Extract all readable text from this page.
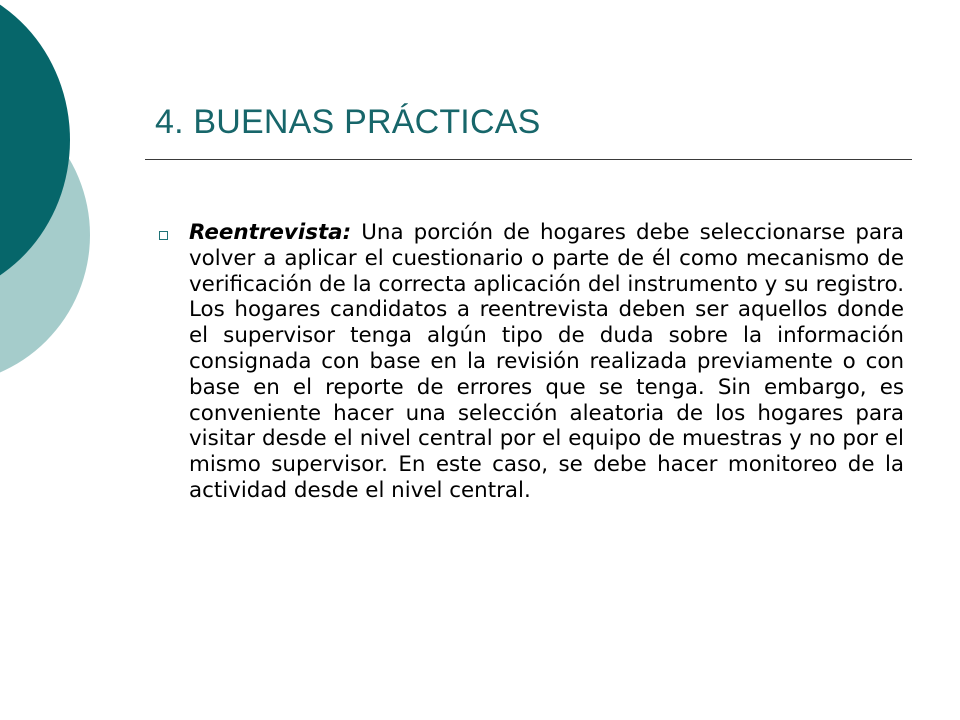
4. BUENAS PRÁCTICAS

Reentrevista: Una porción de hogares debe seleccionarse para volver a aplicar el cuestionario o parte de él como mecanismo de verificación de la correcta aplicación del instrumento y su registro. Los hogares candidatos a reentrevista deben ser aquellos donde el supervisor tenga algún tipo de duda sobre la información consignada con base en la revisión realizada previamente o con base en el reporte de errores que se tenga. Sin embargo, es conveniente hacer una selección aleatoria de los hogares para visitar desde el nivel central por el equipo de muestras y no por el mismo supervisor. En este caso, se debe hacer monitoreo de la actividad desde el nivel central.
